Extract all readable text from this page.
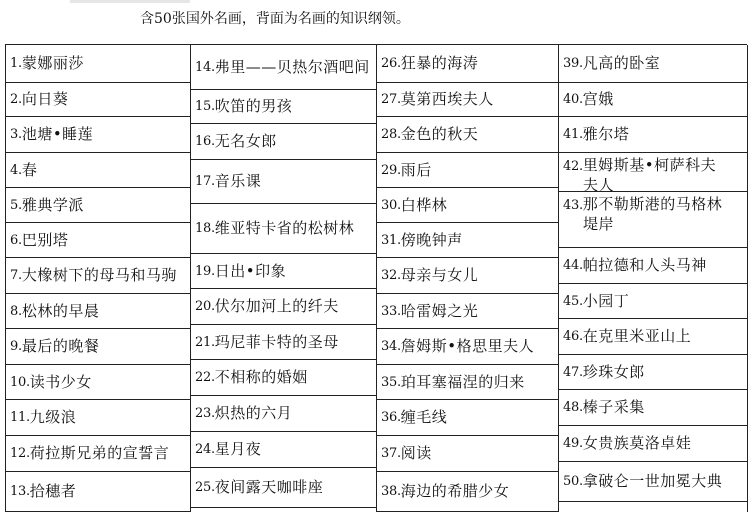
含50张国外名画，背面为名画的知识纲领。
1. 蒙娜丽莎
2. 向日葵
3. 池塘•睡莲
4. 春
5. 雅典学派
6. 巴别塔
7. 大橡树下的母马和马驹
8. 松林的早晨
9. 最后的晚餐
10. 读书少女
11. 九级浪
12. 荷拉斯兄弟的宣誓言
13. 拾穗者
14. 弗里——贝热尔酒吧间
15. 吹笛的男孩
16. 无名女郎
17. 音乐课
18. 维亚特卡省的松树林
19. 日出•印象
20. 伏尔加河上的纤夫
21. 玛尼菲卡特的圣母
22. 不相称的婚姻
23. 炽热的六月
24. 星月夜
25. 夜间露天咖啡座
26. 狂暴的海涛
27. 莫第西埃夫人
28. 金色的秋天
29. 雨后
30. 白桦林
31. 傍晚钟声
32. 母亲与女儿
33. 哈雷姆之光
34. 詹姆斯•格思里夫人
35. 珀耳塞福涅的归来
36. 缠毛线
37. 阅读
38. 海边的希腊少女
39. 凡高的卧室
40. 宫娥
41. 雅尔塔
42.里姆斯基•柯萨科夫
夫人
43.那不勒斯港的马格林
堤岸
44. 帕拉德和人头马神
45. 小园丁
46. 在克里米亚山上
47. 珍珠女郎
48. 榛子采集
49. 女贵族莫洛卓娃
50. 拿破仑一世加冕大典
